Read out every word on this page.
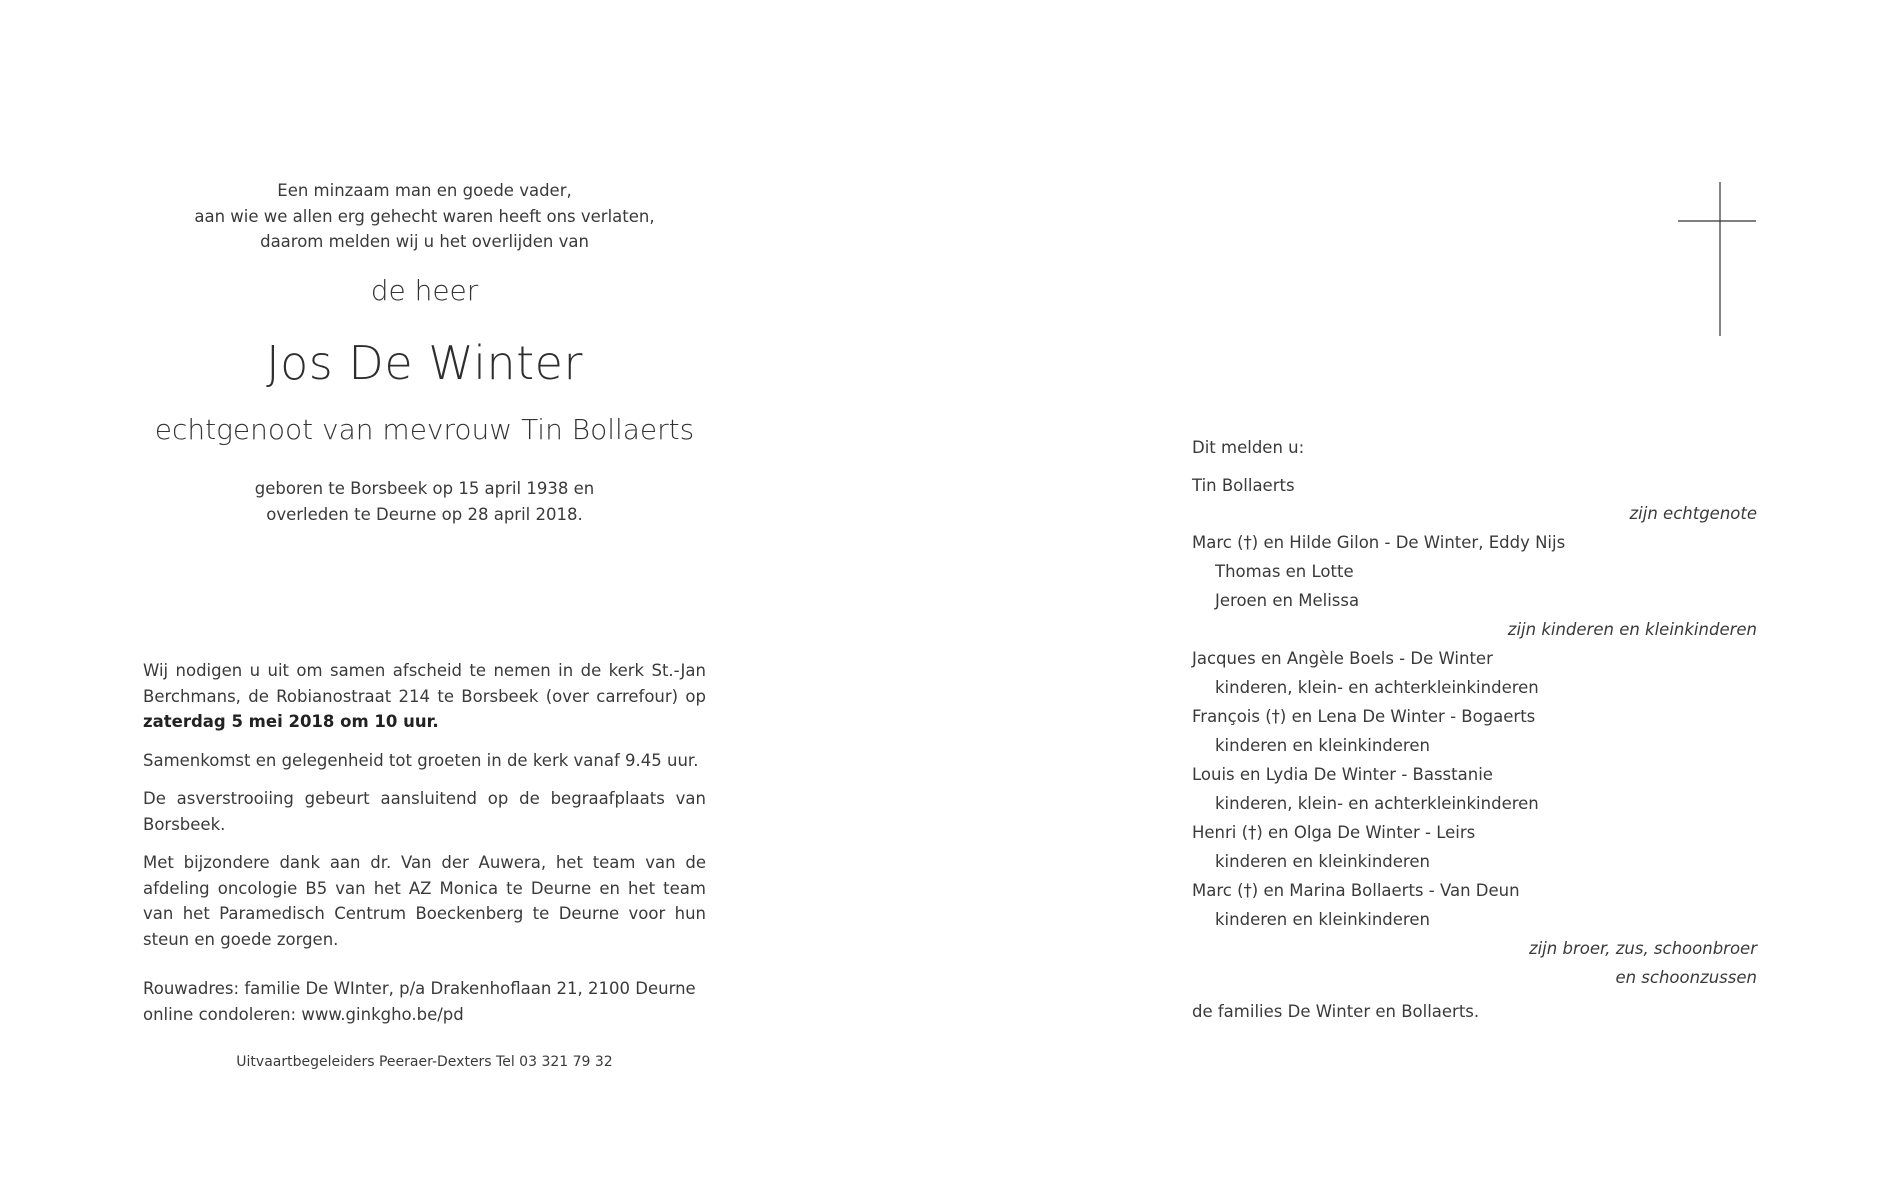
Een minzaam man en goede vader,
aan wie we allen erg gehecht waren heeft ons verlaten,
daarom melden wij u het overlijden van
de heer
Jos De Winter
echtgenoot van mevrouw Tin Bollaerts
geboren te Borsbeek op 15 april 1938 en
overleden te Deurne op 28 april 2018.

Wij nodigen u uit om samen afscheid te nemen in de kerk St.-Jan Berchmans, de Robianostraat 214 te Borsbeek (over carrefour) op zaterdag 5 mei 2018 om 10 uur.

Samenkomst en gelegenheid tot groeten in de kerk vanaf 9.45 uur.

De asverstrooiing gebeurt aansluitend op de begraafplaats van Borsbeek.

Met bijzondere dank aan dr. Van der Auwera, het team van de afdeling oncologie B5 van het AZ Monica te Deurne en het team van het Paramedisch Centrum Boeckenberg te Deurne voor hun steun en goede zorgen.

Rouwadres: familie De WInter, p/a Drakenhoflaan 21, 2100 Deurne
online condoleren: www.ginkgho.be/pd
Uitvaartbegeleiders Peeraer-Dexters Tel 03 321 79 32
Dit melden u:
Tin Bollaerts
zijn echtgenote
Marc (†) en Hilde Gilon - De Winter, Eddy Nijs
Thomas en Lotte
Jeroen en Melissa
zijn kinderen en kleinkinderen
Jacques en Angèle Boels - De Winter
kinderen, klein- en achterkleinkinderen
François (†) en Lena De Winter - Bogaerts
kinderen en kleinkinderen
Louis en Lydia De Winter - Basstanie
kinderen, klein- en achterkleinkinderen
Henri (†) en Olga De Winter - Leirs
kinderen en kleinkinderen
Marc (†) en Marina Bollaerts - Van Deun
kinderen en kleinkinderen
zijn broer, zus, schoonbroer
en schoonzussen
de families De Winter en Bollaerts.
